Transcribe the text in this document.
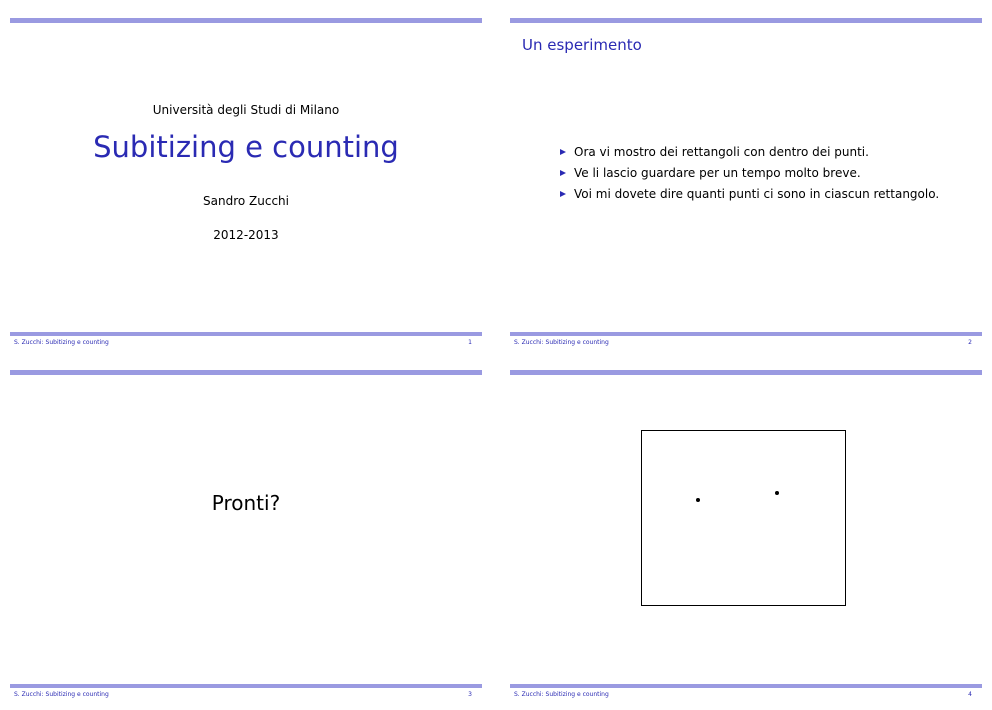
Università degli Studi di Milano
Subitizing e counting
Sandro Zucchi
2012-2013
S. Zucchi: Subitizing e counting	1
Un esperimento
Ora vi mostro dei rettangoli con dentro dei punti.
Ve li lascio guardare per un tempo molto breve.
Voi mi dovete dire quanti punti ci sono in ciascun rettangolo.
S. Zucchi: Subitizing e counting	2
Pronti?
S. Zucchi: Subitizing e counting	3	S. Zucchi: Subitizing e counting	4
